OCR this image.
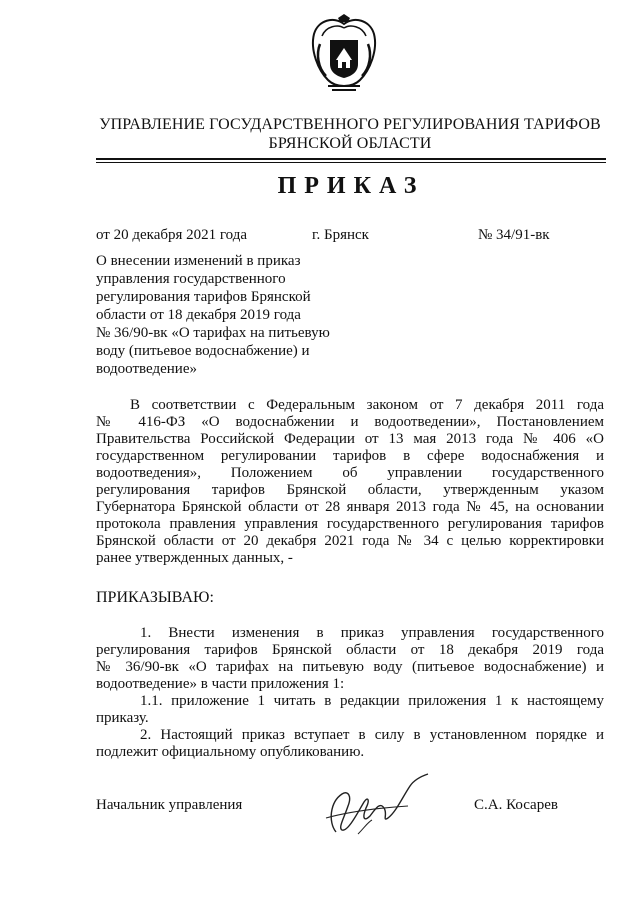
УПРАВЛЕНИЕ ГОСУДАРСТВЕННОГО РЕГУЛИРОВАНИЯ ТАРИФОВ
БРЯНСКОЙ ОБЛАСТИ
ПРИКАЗ
от 20 декабря 2021 года	г. Брянск	№ 34/91-вк
О внесении изменений в приказ
управления государственного
регулирования тарифов Брянской
области от 18 декабря 2019 года
№ 36/90-вк «О тарифах на питьевую
воду (питьевое водоснабжение) и
водоотведение»
В соответствии с Федеральным законом от 7 декабря 2011 года
№ 416-ФЗ «О водоснабжении и водоотведении», Постановлением
Правительства Российской Федерации от 13 мая 2013 года № 406 «О
государственном регулировании тарифов в сфере водоснабжения и
водоотведения», Положением об управлении государственного
регулирования тарифов Брянской области, утвержденным указом
Губернатора Брянской области от 28 января 2013 года № 45, на основании
протокола правления управления государственного регулирования тарифов
Брянской области от 20 декабря 2021 года № 34 с целью корректировки
ранее утвержденных данных, -
ПРИКАЗЫВАЮ:
1. Внести изменения в приказ управления государственного
регулирования тарифов Брянской области от 18 декабря 2019 года
№ 36/90-вк «О тарифах на питьевую воду (питьевое водоснабжение) и
водоотведение» в части приложения 1:
1.1. приложение 1 читать в редакции приложения 1 к настоящему
приказу.
2. Настоящий приказ вступает в силу в установленном порядке и
подлежит официальному опубликованию.
Начальник управления	С.А. Косарев
